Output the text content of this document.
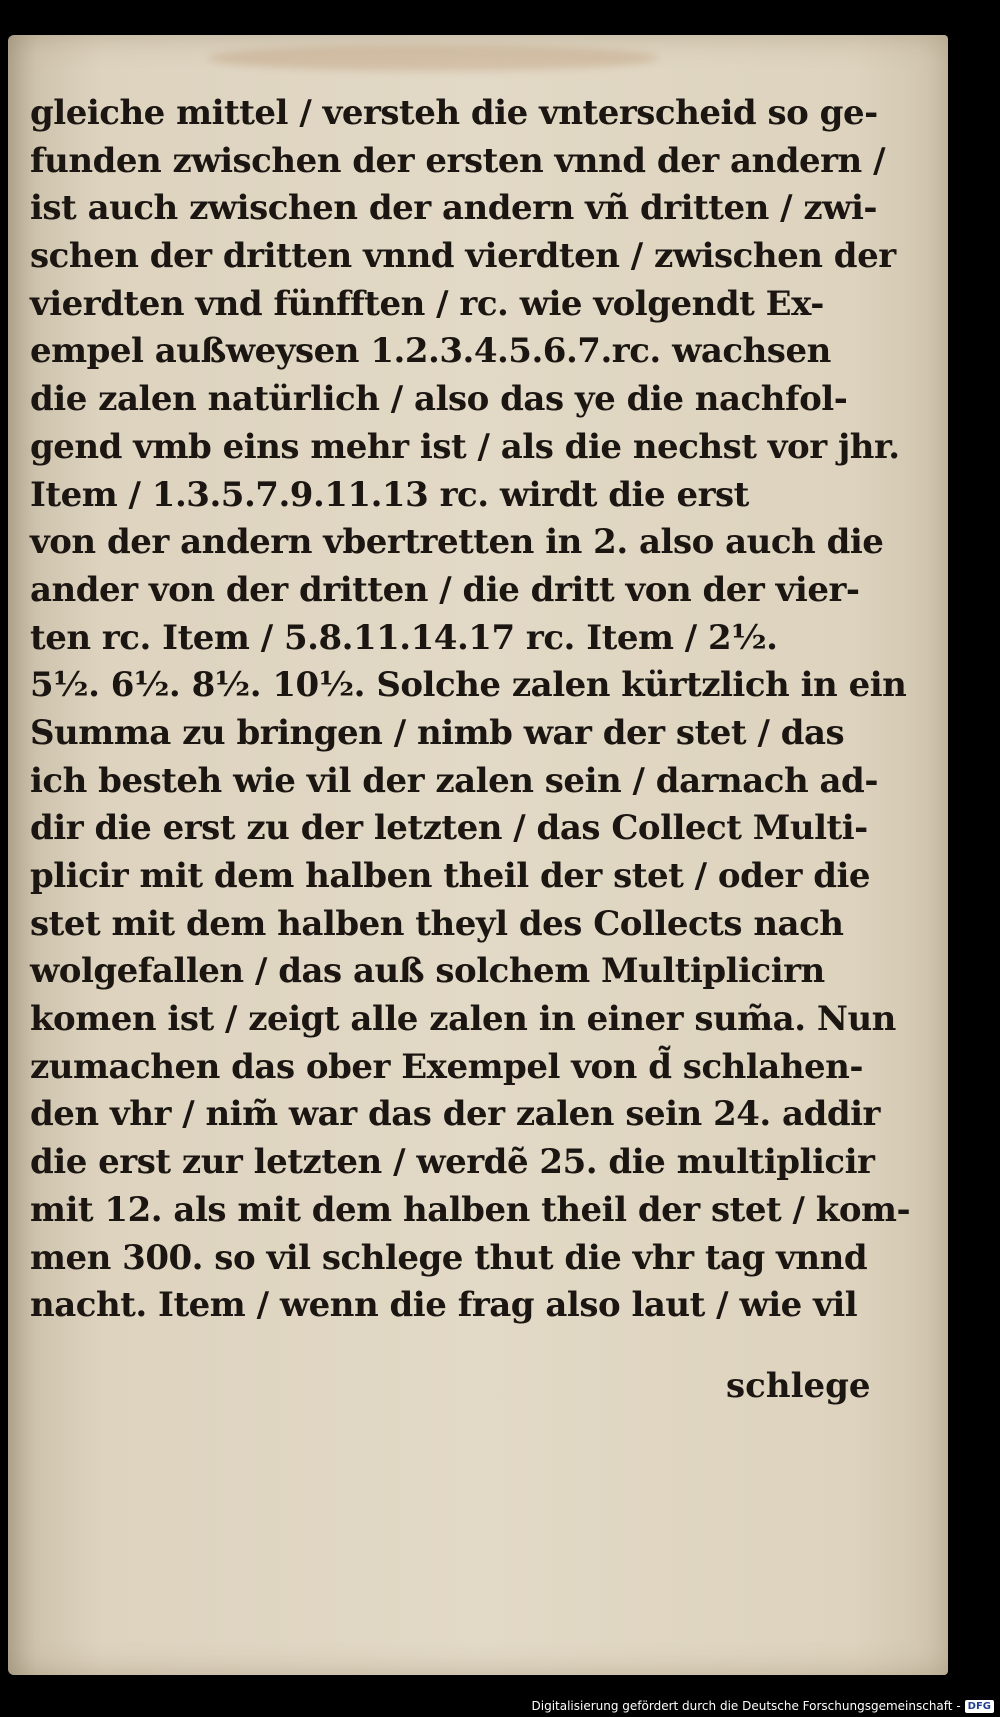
gleiche mittel / versteh die vnterscheid so ge-
funden zwischen der ersten vnnd der andern /
ist auch zwischen der andern vñ dritten / zwi-
schen der dritten vnnd vierdten / zwischen der
vierdten vnd fünfften / rc. wie volgendt Ex-
empel außweysen 1.2.3.4.5.6.7.rc. wachsen
die zalen natürlich / also das ye die nachfol-
gend vmb eins mehr ist / als die nechst vor jhr.
Item / 1.3.5.7.9.11.13 rc. wirdt die erst
von der andern vbertretten in 2. also auch die
ander von der dritten / die dritt von der vier-
ten rc. Item / 5.8.11.14.17 rc. Item / 2½.
5½. 6½. 8½. 10½. Solche zalen kürtzlich in ein
Summa zu bringen / nimb war der stet / das
ich besteh wie vil der zalen sein / darnach ad-
dir die erst zu der letzten / das Collect Multi-
plicir mit dem halben theil der stet / oder die
stet mit dem halben theyl des Collects nach
wolgefallen / das auß solchem Multiplicirn
komen ist / zeigt alle zalen in einer sum̃a. Nun
zumachen das ober Exempel von d̃ schlahen-
den vhr / nim̃ war das der zalen sein 24. addir
die erst zur letzten / werdẽ 25. die multiplicir
mit 12. als mit dem halben theil der stet / kom-
men 300. so vil schlege thut die vhr tag vnnd
nacht. Item / wenn die frag also laut / wie vil
schlege
Digitalisierung gefördert durch die Deutsche Forschungsgemeinschaft - DFG
